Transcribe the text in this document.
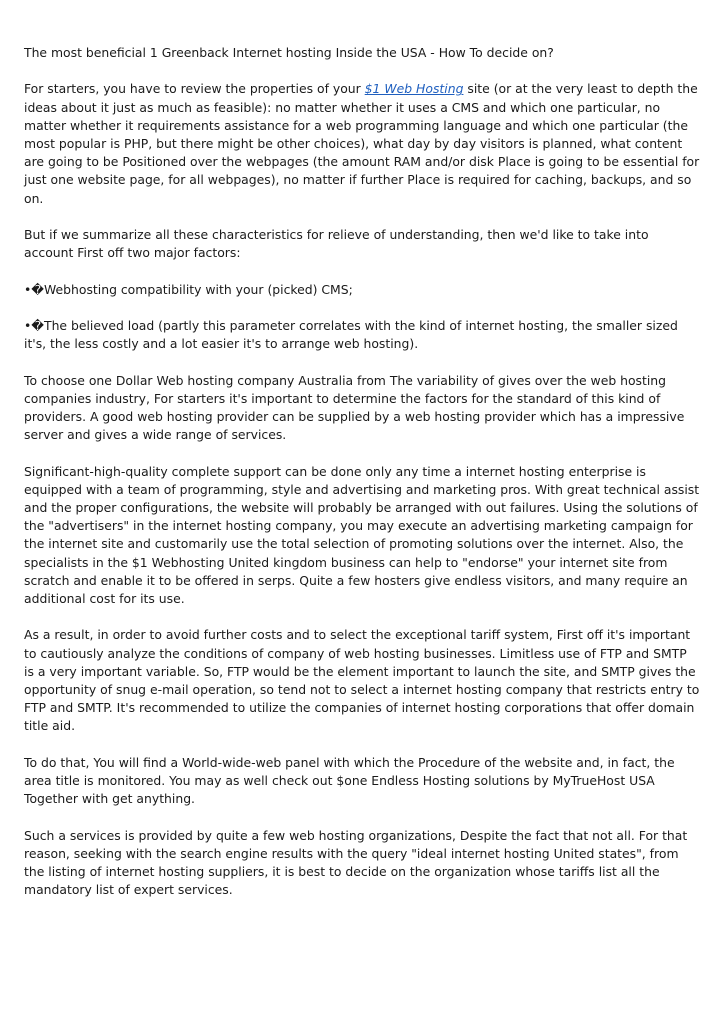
The most beneficial 1 Greenback Internet hosting Inside the USA - How To decide on?

For starters, you have to review the properties of your $1 Web Hosting site (or at the very least to depth the ideas about it just as much as feasible): no matter whether it uses a CMS and which one particular, no matter whether it requirements assistance for a web programming language and which one particular (the most popular is PHP, but there might be other choices), what day by day visitors is planned, what content are going to be Positioned over the webpages (the amount RAM and/or disk Place is going to be essential for just one website page, for all webpages), no matter if further Place is required for caching, backups, and so on.

But if we summarize all these characteristics for relieve of understanding, then we'd like to take into account First off two major factors:

•�Webhosting compatibility with your (picked) CMS;

•�The believed load (partly this parameter correlates with the kind of internet hosting, the smaller sized it's, the less costly and a lot easier it's to arrange web hosting).

To choose one Dollar Web hosting company Australia from The variability of gives over the web hosting companies industry, For starters it's important to determine the factors for the standard of this kind of providers. A good web hosting provider can be supplied by a web hosting provider which has a impressive server and gives a wide range of services.

Significant-high-quality complete support can be done only any time a internet hosting enterprise is equipped with a team of programming, style and advertising and marketing pros. With great technical assist and the proper configurations, the website will probably be arranged with out failures. Using the solutions of the "advertisers" in the internet hosting company, you may execute an advertising marketing campaign for the internet site and customarily use the total selection of promoting solutions over the internet. Also, the specialists in the $1 Webhosting United kingdom business can help to "endorse" your internet site from scratch and enable it to be offered in serps. Quite a few hosters give endless visitors, and many require an additional cost for its use.

As a result, in order to avoid further costs and to select the exceptional tariff system, First off it's important to cautiously analyze the conditions of company of web hosting businesses. Limitless use of FTP and SMTP is a very important variable. So, FTP would be the element important to launch the site, and SMTP gives the opportunity of snug e-mail operation, so tend not to select a internet hosting company that restricts entry to FTP and SMTP. It's recommended to utilize the companies of internet hosting corporations that offer domain title aid.

To do that, You will find a World-wide-web panel with which the Procedure of the website and, in fact, the area title is monitored. You may as well check out $one Endless Hosting solutions by MyTrueHost USA Together with get anything.

Such a services is provided by quite a few web hosting organizations, Despite the fact that not all. For that reason, seeking with the search engine results with the query "ideal internet hosting United states", from the listing of internet hosting suppliers, it is best to decide on the organization whose tariffs list all the mandatory list of expert services.
